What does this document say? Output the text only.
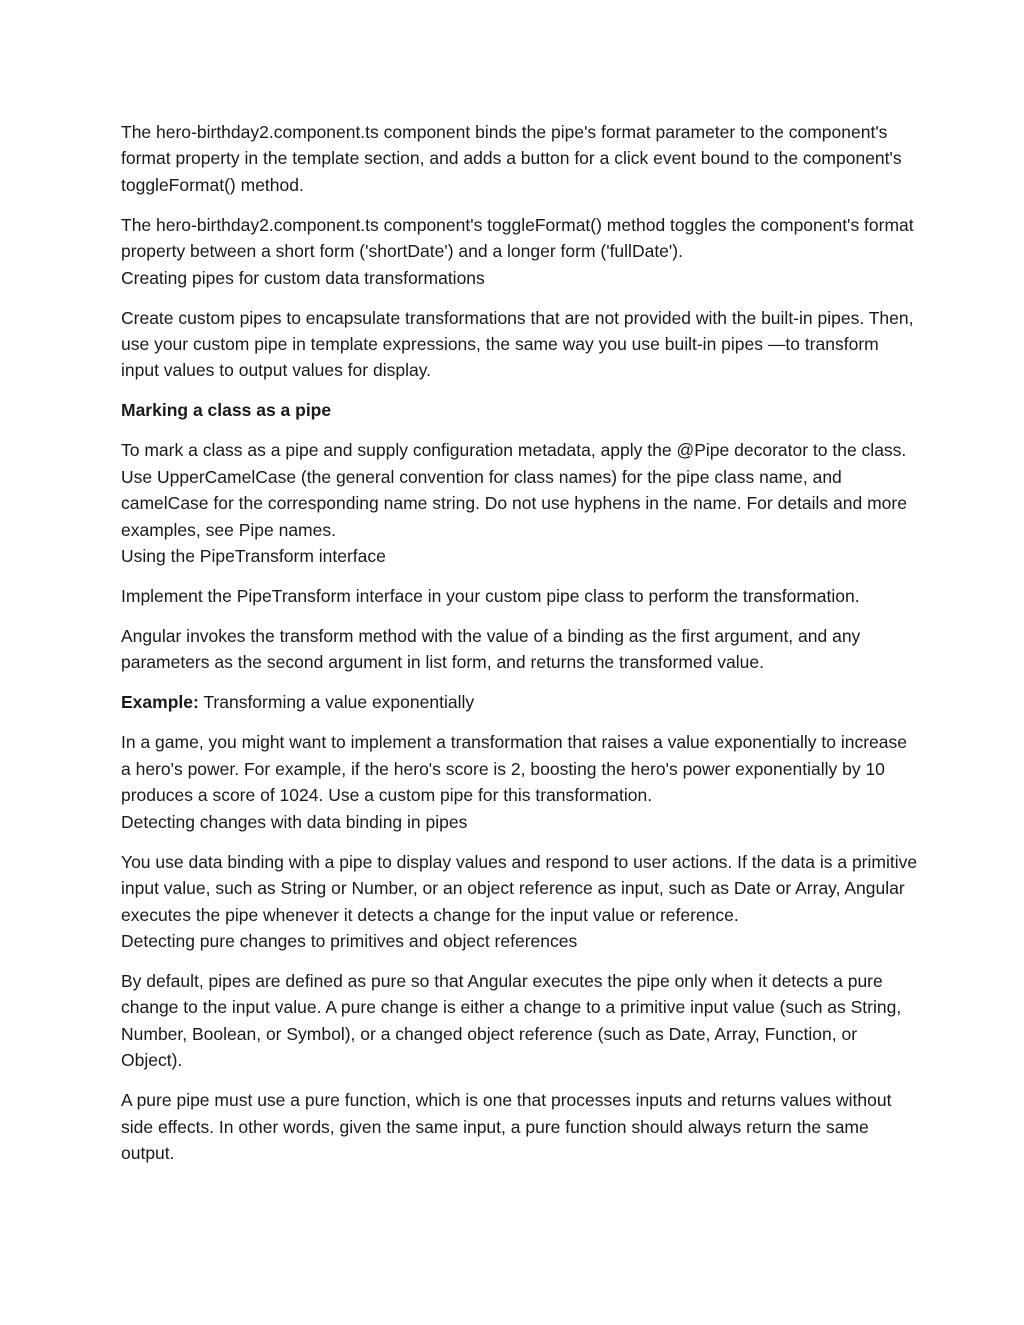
The hero-birthday2.component.ts component binds the pipe's format parameter to the component's format property in the template section, and adds a button for a click event bound to the component's toggleFormat() method.

The hero-birthday2.component.ts component's toggleFormat() method toggles the component's format property between a short form ('shortDate') and a longer form ('fullDate').

Creating pipes for custom data transformations

Create custom pipes to encapsulate transformations that are not provided with the built-in pipes. Then, use your custom pipe in template expressions, the same way you use built-in pipes —to transform input values to output values for display.

Marking a class as a pipe

To mark a class as a pipe and supply configuration metadata, apply the @Pipe decorator to the class. Use UpperCamelCase (the general convention for class names) for the pipe class name, and camelCase for the corresponding name string. Do not use hyphens in the name. For details and more examples, see Pipe names.

Using the PipeTransform interface

Implement the PipeTransform interface in your custom pipe class to perform the transformation.

Angular invokes the transform method with the value of a binding as the first argument, and any parameters as the second argument in list form, and returns the transformed value.

Example: Transforming a value exponentially

In a game, you might want to implement a transformation that raises a value exponentially to increase a hero's power. For example, if the hero's score is 2, boosting the hero's power exponentially by 10 produces a score of 1024. Use a custom pipe for this transformation.

Detecting changes with data binding in pipes

You use data binding with a pipe to display values and respond to user actions. If the data is a primitive input value, such as String or Number, or an object reference as input, such as Date or Array, Angular executes the pipe whenever it detects a change for the input value or reference.

Detecting pure changes to primitives and object references

By default, pipes are defined as pure so that Angular executes the pipe only when it detects a pure change to the input value. A pure change is either a change to a primitive input value (such as String, Number, Boolean, or Symbol), or a changed object reference (such as Date, Array, Function, or Object).

A pure pipe must use a pure function, which is one that processes inputs and returns values without side effects. In other words, given the same input, a pure function should always return the same output.
